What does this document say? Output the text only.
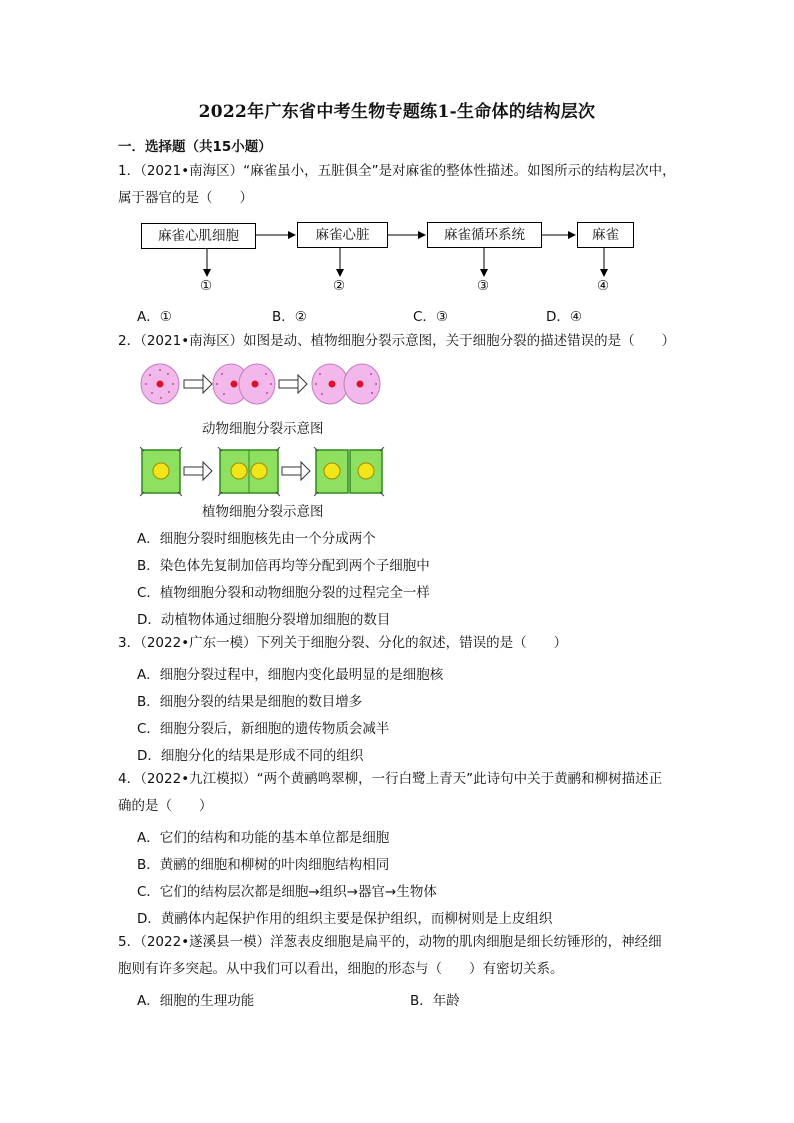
2022年广东省中考生物专题练1-生命体的结构层次
一．选择题（共15小题）
1．（2021•南海区）“麻雀虽小，五脏俱全”是对麻雀的整体性描述。如图所示的结构层次中，
属于器官的是（　　）
麻雀心肌细胞	麻雀心脏	麻雀循环系统	麻雀
①	②	③	④
A．①	B．②	C．③	D．④
2．（2021•南海区）如图是动、植物细胞分裂示意图，关于细胞分裂的描述错误的是（　　）
动物细胞分裂示意图
植物细胞分裂示意图
A．细胞分裂时细胞核先由一个分成两个
B．染色体先复制加倍再均等分配到两个子细胞中
C．植物细胞分裂和动物细胞分裂的过程完全一样
D．动植物体通过细胞分裂增加细胞的数目
3．（2022•广东一模）下列关于细胞分裂、分化的叙述，错误的是（　　）
A．细胞分裂过程中，细胞内变化最明显的是细胞核
B．细胞分裂的结果是细胞的数目增多
C．细胞分裂后，新细胞的遗传物质会减半
D．细胞分化的结果是形成不同的组织
4．（2022•九江模拟）“两个黄鹂鸣翠柳，一行白鹭上青天”此诗句中关于黄鹂和柳树描述正
确的是（　　）
A．它们的结构和功能的基本单位都是细胞
B．黄鹂的细胞和柳树的叶肉细胞结构相同
C．它们的结构层次都是细胞→组织→器官→生物体
D．黄鹂体内起保护作用的组织主要是保护组织，而柳树则是上皮组织
5．（2022•遂溪县一模）洋葱表皮细胞是扁平的，动物的肌肉细胞是细长纺锤形的，神经细
胞则有许多突起。从中我们可以看出，细胞的形态与（　　）有密切关系。
A．细胞的生理功能	B．年龄
